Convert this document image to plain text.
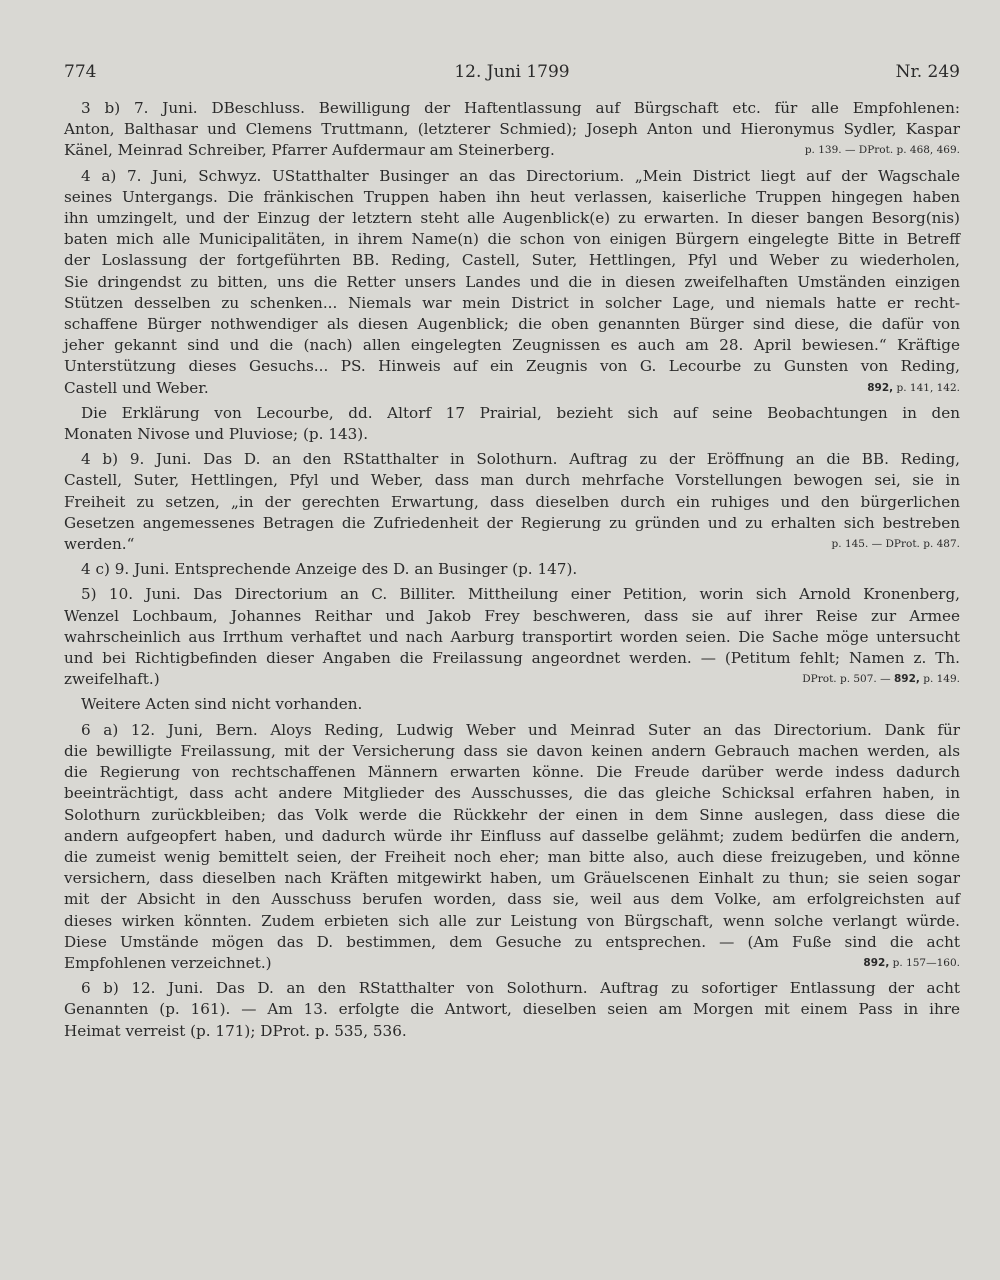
774	12. Juni 1799	Nr. 249
3 b) 7. Juni. DBeschluss. Bewilligung der Haftentlassung auf Bürgschaft etc. für alle Empfohlenen:
Anton, Balthasar und Clemens Truttmann, (letzterer Schmied); Joseph Anton und Hieronymus Sydler, Kaspar
Känel, Meinrad Schreiber, Pfarrer Aufdermaur am Steinerberg.	p. 139. — DProt. p. 468, 469.
4 a) 7. Juni, Schwyz. UStatthalter Businger an das Directorium. „Mein District liegt auf der Wagschale
seines Untergangs. Die fränkischen Truppen haben ihn heut verlassen, kaiserliche Truppen hingegen haben
ihn umzingelt, und der Einzug der letztern steht alle Augenblick(e) zu erwarten. In dieser bangen Besorg(nis)
baten mich alle Municipalitäten, in ihrem Name(n) die schon von einigen Bürgern eingelegte Bitte in Betreff
der Loslassung der fortgeführten BB. Reding, Castell, Suter, Hettlingen, Pfyl und Weber zu wiederholen,
Sie dringendst zu bitten, uns die Retter unsers Landes und die in diesen zweifelhaften Umständen einzigen
Stützen desselben zu schenken... Niemals war mein District in solcher Lage, und niemals hatte er recht-
schaffene Bürger nothwendiger als diesen Augenblick; die oben genannten Bürger sind diese, die dafür von
jeher gekannt sind und die (nach) allen eingelegten Zeugnissen es auch am 28. April bewiesen.“ Kräftige
Unterstützung dieses Gesuchs... PS. Hinweis auf ein Zeugnis von G. Lecourbe zu Gunsten von Reding,
Castell und Weber.	892, p. 141, 142.
Die Erklärung von Lecourbe, dd. Altorf 17 Prairial, bezieht sich auf seine Beobachtungen in den
Monaten Nivose und Pluviose; (p. 143).
4 b) 9. Juni. Das D. an den RStatthalter in Solothurn. Auftrag zu der Eröffnung an die BB. Reding,
Castell, Suter, Hettlingen, Pfyl und Weber, dass man durch mehrfache Vorstellungen bewogen sei, sie in
Freiheit zu setzen, „in der gerechten Erwartung, dass dieselben durch ein ruhiges und den bürgerlichen
Gesetzen angemessenes Betragen die Zufriedenheit der Regierung zu gründen und zu erhalten sich bestreben
werden.“	p. 145. — DProt. p. 487.
4 c) 9. Juni. Entsprechende Anzeige des D. an Businger (p. 147).
5) 10. Juni. Das Directorium an C. Billiter. Mittheilung einer Petition, worin sich Arnold Kronenberg,
Wenzel Lochbaum, Johannes Reithar und Jakob Frey beschweren, dass sie auf ihrer Reise zur Armee
wahrscheinlich aus Irrthum verhaftet und nach Aarburg transportirt worden seien. Die Sache möge untersucht
und bei Richtigbefinden dieser Angaben die Freilassung angeordnet werden. — (Petitum fehlt; Namen z. Th.
zweifelhaft.)	DProt. p. 507. — 892, p. 149.
Weitere Acten sind nicht vorhanden.
6 a) 12. Juni, Bern. Aloys Reding, Ludwig Weber und Meinrad Suter an das Directorium. Dank für
die bewilligte Freilassung, mit der Versicherung dass sie davon keinen andern Gebrauch machen werden, als
die Regierung von rechtschaffenen Männern erwarten könne. Die Freude darüber werde indess dadurch
beeinträchtigt, dass acht andere Mitglieder des Ausschusses, die das gleiche Schicksal erfahren haben, in
Solothurn zurückbleiben; das Volk werde die Rückkehr der einen in dem Sinne auslegen, dass diese die
andern aufgeopfert haben, und dadurch würde ihr Einfluss auf dasselbe gelähmt; zudem bedürfen die andern,
die zumeist wenig bemittelt seien, der Freiheit noch eher; man bitte also, auch diese freizugeben, und könne
versichern, dass dieselben nach Kräften mitgewirkt haben, um Gräuelscenen Einhalt zu thun; sie seien sogar
mit der Absicht in den Ausschuss berufen worden, dass sie, weil aus dem Volke, am erfolgreichsten auf
dieses wirken könnten. Zudem erbieten sich alle zur Leistung von Bürgschaft, wenn solche verlangt würde.
Diese Umstände mögen das D. bestimmen, dem Gesuche zu entsprechen. — (Am Fuße sind die acht
Empfohlenen verzeichnet.)	892, p. 157—160.
6 b) 12. Juni. Das D. an den RStatthalter von Solothurn. Auftrag zu sofortiger Entlassung der acht
Genannten (p. 161). — Am 13. erfolgte die Antwort, dieselben seien am Morgen mit einem Pass in ihre
Heimat verreist (p. 171); DProt. p. 535, 536.
